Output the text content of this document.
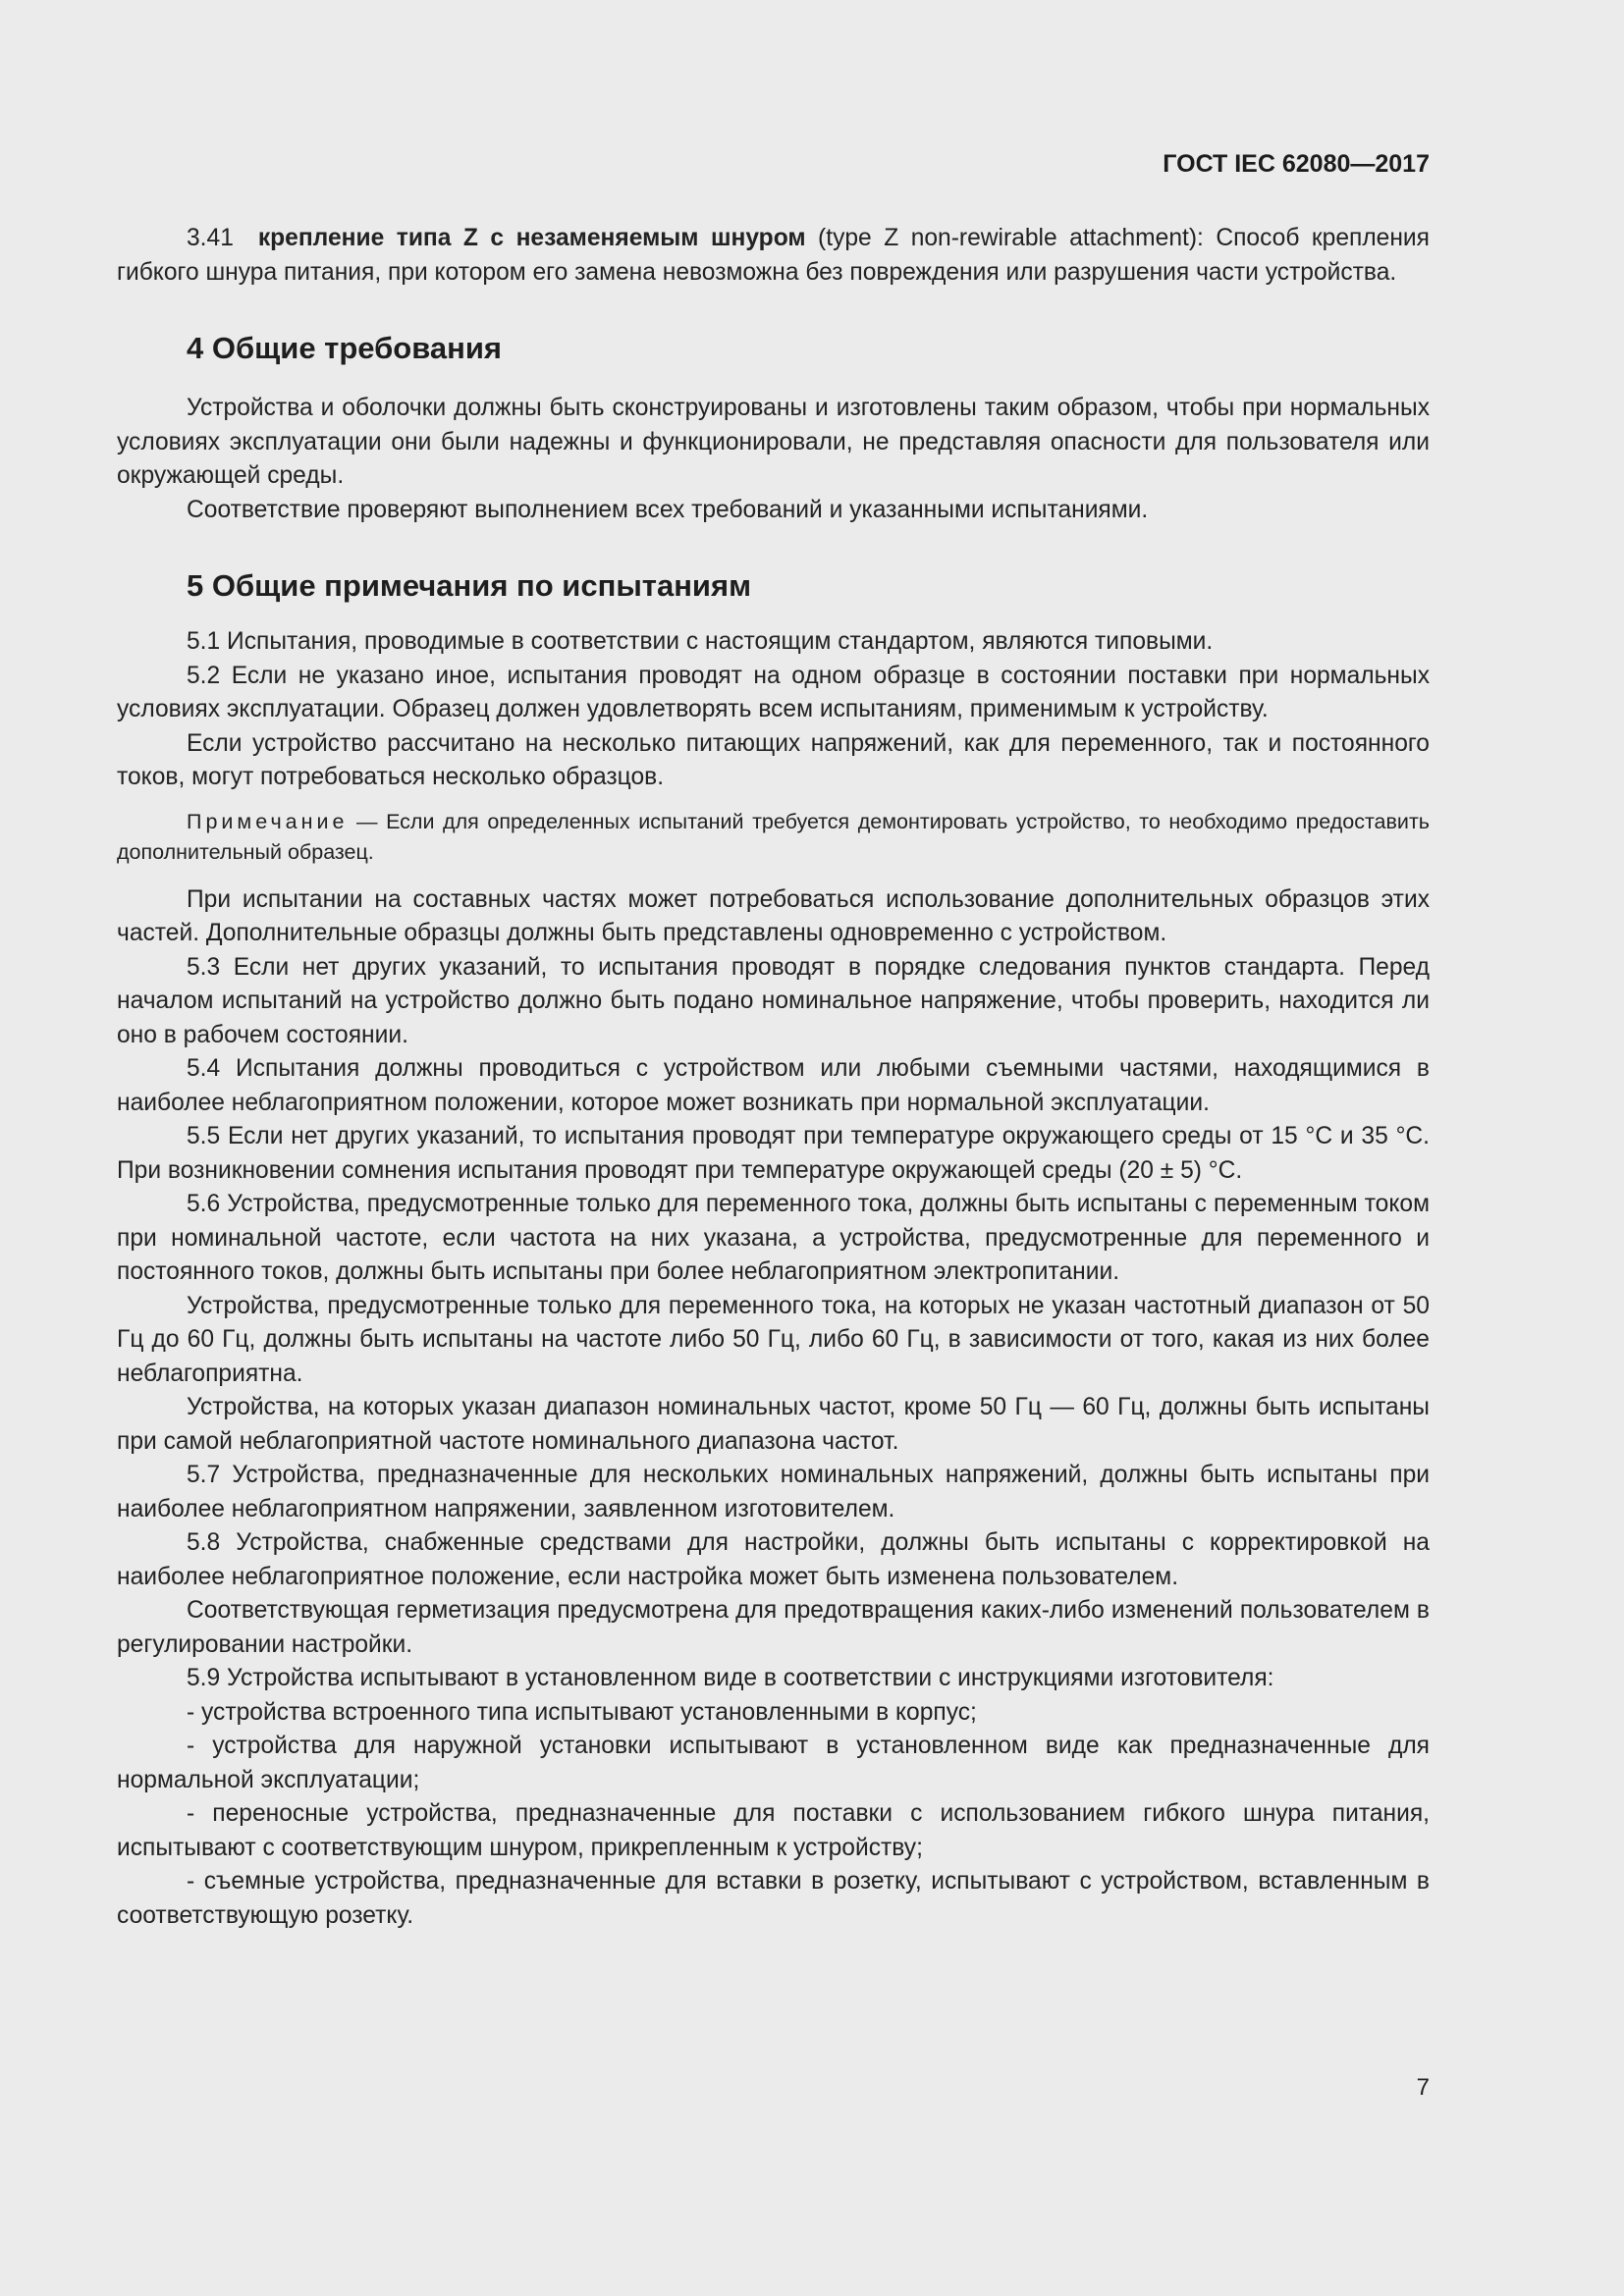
ГОСТ IEC 62080—2017

3.41 крепление типа Z с незаменяемым шнуром (type Z non-rewirable attachment): Способ крепления гибкого шнура питания, при котором его замена невозможна без повреждения или разрушения части устройства.

4 Общие требования

Устройства и оболочки должны быть сконструированы и изготовлены таким образом, чтобы при нормальных условиях эксплуатации они были надежны и функционировали, не представляя опасности для пользователя или окружающей среды.

Соответствие проверяют выполнением всех требований и указанными испытаниями.

5 Общие примечания по испытаниям

5.1 Испытания, проводимые в соответствии с настоящим стандартом, являются типовыми.

5.2 Если не указано иное, испытания проводят на одном образце в состоянии поставки при нормальных условиях эксплуатации. Образец должен удовлетворять всем испытаниям, применимым к устройству.

Если устройство рассчитано на несколько питающих напряжений, как для переменного, так и постоянного токов, могут потребоваться несколько образцов.

Примечание — Если для определенных испытаний требуется демонтировать устройство, то необходимо предоставить дополнительный образец.

При испытании на составных частях может потребоваться использование дополнительных образцов этих частей. Дополнительные образцы должны быть представлены одновременно с устройством.

5.3 Если нет других указаний, то испытания проводят в порядке следования пунктов стандарта. Перед началом испытаний на устройство должно быть подано номинальное напряжение, чтобы проверить, находится ли оно в рабочем состоянии.

5.4 Испытания должны проводиться с устройством или любыми съемными частями, находящимися в наиболее неблагоприятном положении, которое может возникать при нормальной эксплуатации.

5.5 Если нет других указаний, то испытания проводят при температуре окружающего среды от 15 °C и 35 °C. При возникновении сомнения испытания проводят при температуре окружающей среды (20 ± 5) °C.

5.6 Устройства, предусмотренные только для переменного тока, должны быть испытаны с переменным током при номинальной частоте, если частота на них указана, а устройства, предусмотренные для переменного и постоянного токов, должны быть испытаны при более неблагоприятном электропитании.

Устройства, предусмотренные только для переменного тока, на которых не указан частотный диапазон от 50 Гц до 60 Гц, должны быть испытаны на частоте либо 50 Гц, либо 60 Гц, в зависимости от того, какая из них более неблагоприятна.

Устройства, на которых указан диапазон номинальных частот, кроме 50 Гц — 60 Гц, должны быть испытаны при самой неблагоприятной частоте номинального диапазона частот.

5.7 Устройства, предназначенные для нескольких номинальных напряжений, должны быть испытаны при наиболее неблагоприятном напряжении, заявленном изготовителем.

5.8 Устройства, снабженные средствами для настройки, должны быть испытаны с корректировкой на наиболее неблагоприятное положение, если настройка может быть изменена пользователем.

Соответствующая герметизация предусмотрена для предотвращения каких-либо изменений пользователем в регулировании настройки.

5.9 Устройства испытывают в установленном виде в соответствии с инструкциями изготовителя:

- устройства встроенного типа испытывают установленными в корпус;

- устройства для наружной установки испытывают в установленном виде как предназначенные для нормальной эксплуатации;

- переносные устройства, предназначенные для поставки с использованием гибкого шнура питания, испытывают с соответствующим шнуром, прикрепленным к устройству;

- съемные устройства, предназначенные для вставки в розетку, испытывают с устройством, вставленным в соответствующую розетку.

7
